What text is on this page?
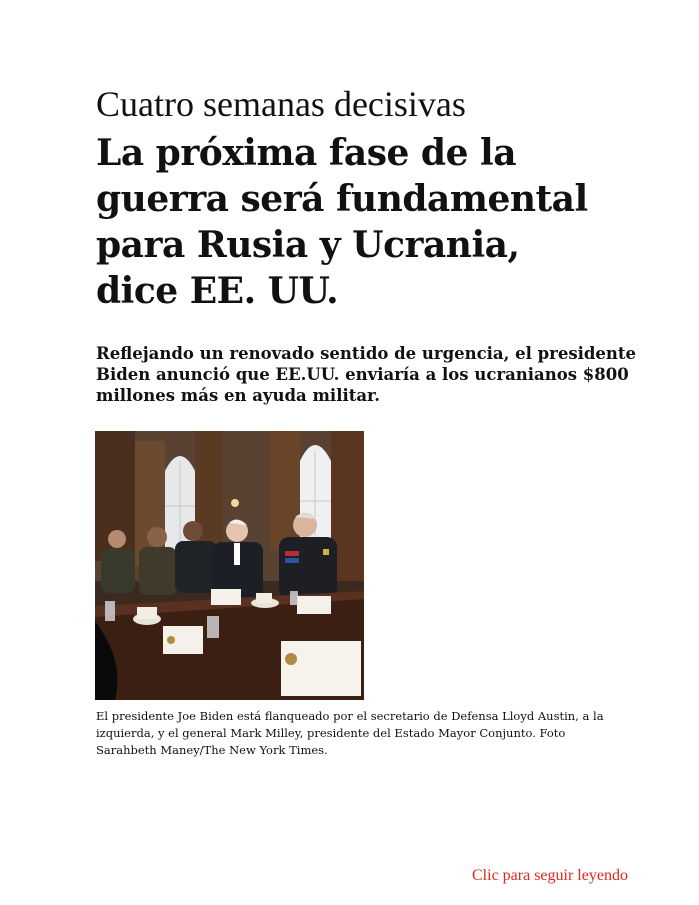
Cuatro semanas decisivas
La próxima fase de la guerra será fundamental para Rusia y Ucrania, dice EE. UU.

Reflejando un renovado sentido de urgencia, el presidente Biden anunció que EE.UU. enviaría a los ucranianos $800 millones más en ayuda militar.

El presidente Joe Biden está flanqueado por el secretario de Defensa Lloyd Austin, a la izquierda, y el general Mark Milley, presidente del Estado Mayor Conjunto. Foto Sarahbeth Maney/The New York Times.

Clic para seguir leyendo
